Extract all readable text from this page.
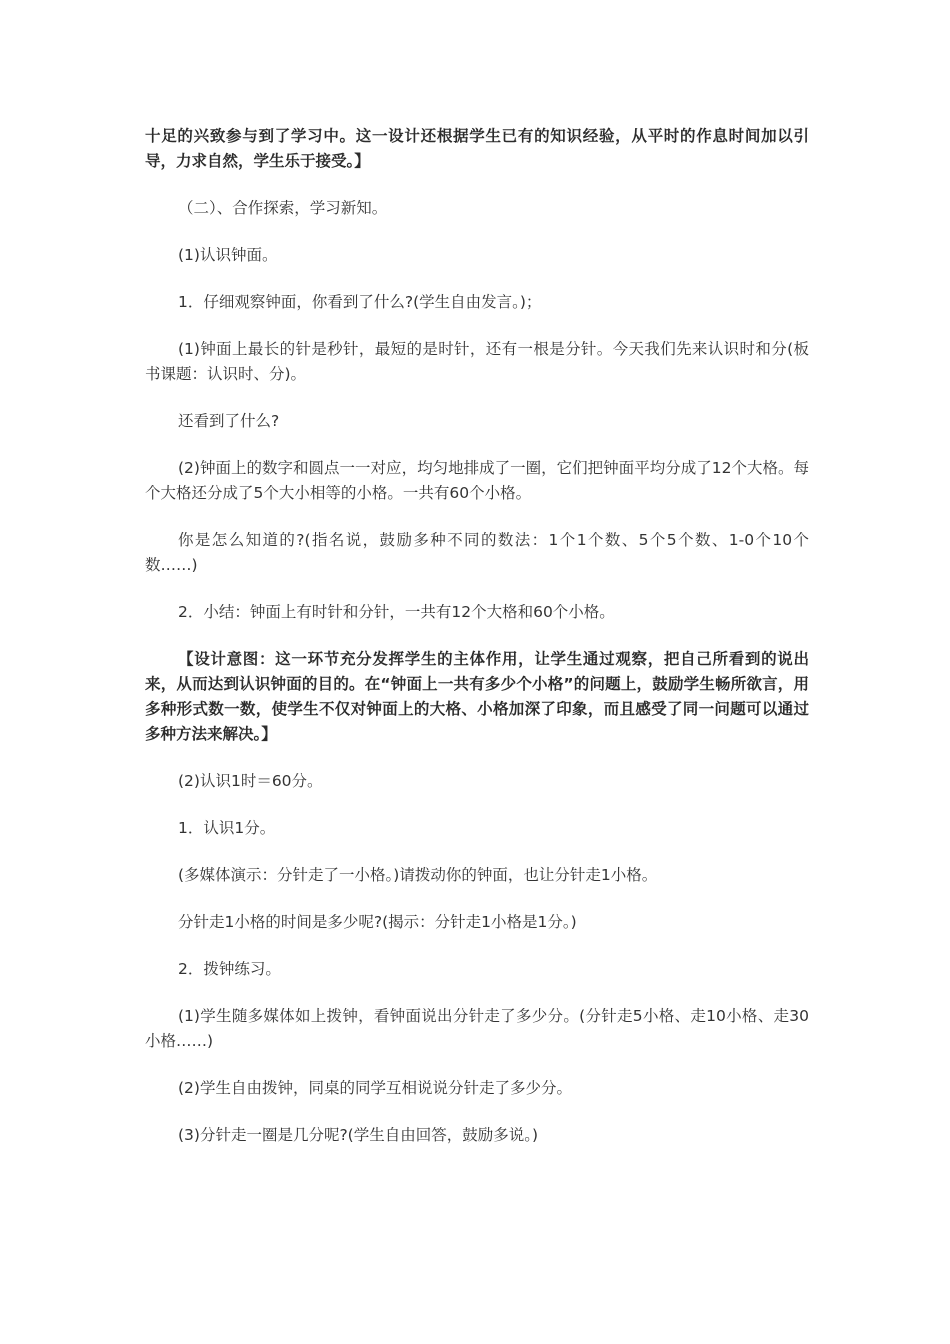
十足的兴致参与到了学习中。这一设计还根据学生已有的知识经验，从平时的作息时间加以引导，力求自然，学生乐于接受。】

（二）、合作探索，学习新知。

(1)认识钟面。

1．仔细观察钟面，你看到了什么?(学生自由发言。)；

(1)钟面上最长的针是秒针，最短的是时针，还有一根是分针。今天我们先来认识时和分(板书课题：认识时、分)。

还看到了什么?

(2)钟面上的数字和圆点一一对应，均匀地排成了一圈，它们把钟面平均分成了12个大格。每个大格还分成了5个大小相等的小格。一共有60个小格。

你是怎么知道的?(指名说，鼓励多种不同的数法：1个1个数、5个5个数、1-0个10个数……)

2．小结：钟面上有时针和分针，一共有12个大格和60个小格。

【设计意图：这一环节充分发挥学生的主体作用，让学生通过观察，把自己所看到的说出来，从而达到认识钟面的目的。在“钟面上一共有多少个小格”的问题上，鼓励学生畅所欲言，用多种形式数一数，使学生不仅对钟面上的大格、小格加深了印象，而且感受了同一问题可以通过多种方法来解决。】

(2)认识1时＝60分。

1．认识1分。

(多媒体演示：分针走了一小格。)请拨动你的钟面，也让分针走1小格。

分针走1小格的时间是多少呢?(揭示：分针走1小格是1分。)

2．拨钟练习。

(1)学生随多媒体如上拨钟，看钟面说出分针走了多少分。(分针走5小格、走10小格、走30小格……)

(2)学生自由拨钟，同桌的同学互相说说分针走了多少分。

(3)分针走一圈是几分呢?(学生自由回答，鼓励多说。)
